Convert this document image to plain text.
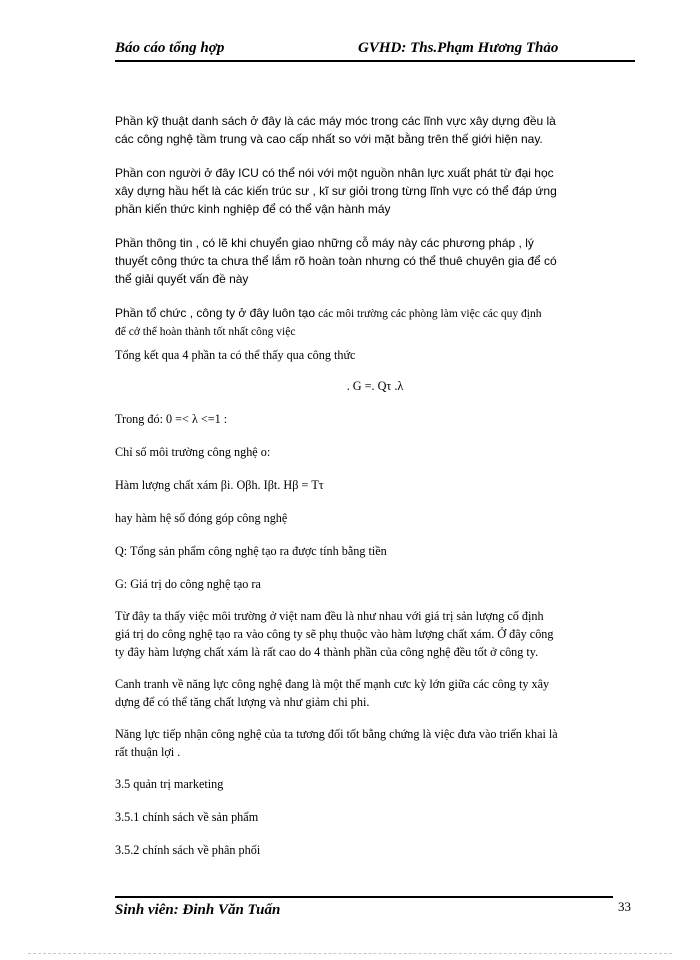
Báo cáo tổng hợp	GVHD: Ths.Phạm Hương Thảo

Phần kỹ thuật danh sách ở đây là các máy móc trong các lĩnh vực xây dựng đều là

các công nghệ tầm trung và cao cấp nhất so với mặt bằng trên thế giới hiện nay.

Phần con người ở đây ICU có thể nói với một nguồn nhân lực xuất phát từ đại học

xây dựng hầu hết là các kiến trúc sư , kĩ sư giỏi trong từng lĩnh vực có thể đáp ứng

phần kiến thức kinh nghiệp để có thể vận hành máy

Phần thông tin , có lẽ khi chuyển giao những cỗ máy này các phương pháp , lý

thuyết công thức ta chưa thể lắm rõ hoàn toàn nhưng có thể thuê chuyên gia để có

thể giải quyết vấn đề này

Phần tổ chức , công ty ở đây luôn tạo các môi trường các phòng làm việc các quy định

để cở thể hoàn thành tốt nhất công việc

Tổng kết qua 4 phần ta có thể thấy qua công thức

. G =. Qτ .λ

Trong đó: 0 =< λ <=1 :

Chỉ số môi trường công nghệ o:

Hàm lượng chất xám βi. Oβh. Iβt. Hβ = Tτ

hay hàm hệ số đóng góp công nghệ

Q: Tổng sản phẩm công nghệ tạo ra được tính bằng tiền

G: Giá trị do công nghệ tạo ra

Từ đây ta thấy việc môi trường ở việt nam đều là như nhau với giá trị sản lượng cố định

giá trị do công nghệ tạo ra vào công ty sẽ phụ thuộc vào hàm lượng chất xám. Ở đây công

ty đây hàm lượng chất xám là rất cao do 4 thành phần của công nghệ đều tốt ở công ty.

Canh tranh về năng lực công nghệ đang là một thế mạnh cưc kỳ lớn giữa các công ty xây

dựng để có thể tăng chất lượng và như giảm chi phi.

Năng lực tiếp nhận công nghệ của ta tương đối tốt bằng chứng là việc đưa vào triển khai là

rất thuận lợi .

3.5 quản trị marketing

3.5.1 chính sách về sản phẩm

3.5.2 chính sách về phân phối

Sinh viên: Đinh Văn Tuấn	33
